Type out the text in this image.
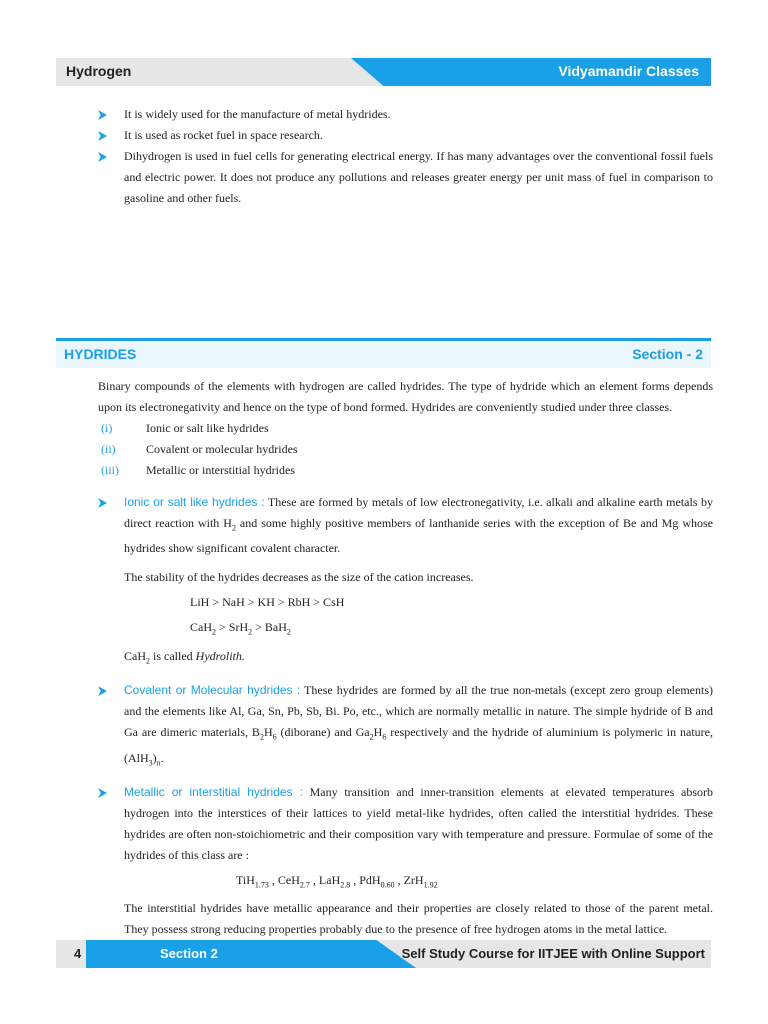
Hydrogen	Vidyamandir Classes
It is widely used for the manufacture of metal hydrides.
It is used as rocket fuel in space research.
Dihydrogen is used in fuel cells for generating electrical energy. If has many advantages over the conventional fossil fuels and electric power. It does not produce any pollutions and releases greater energy per unit mass of fuel in comparison to gasoline and other fuels.
HYDRIDES	Section - 2

Binary compounds of the elements with hydrogen are called hydrides. The type of hydride which an element forms depends upon its electronegativity and hence on the type of bond formed. Hydrides are conveniently studied under three classes.

(i)	Ionic or salt like hydrides
(ii)	Covalent or molecular hydrides
(iii) Metallic or interstitial hydrides
Ionic or salt like hydrides : These are formed by metals of low electronegativity, i.e. alkali and alkaline earth metals by direct reaction with $H_2$ and some highly positive members of lanthanide series with the exception of Be and Mg whose hydrides show significant covalent character.

The stability of the hydrides decreases as the size of the cation increases.

LiH > NaH > KH > RbH > CsH

CaH$_2$ > SrH$_2$ > BaH$_2$

CaH$_2$ is called Hydrolith.

Covalent or Molecular hydrides : These hydrides are formed by all the true non-metals (except zero group elements) and the elements like Al, Ga, Sn, Pb, Sb, Bi. Po, etc., which are normally metallic in nature. The simple hydride of B and Ga are dimeric materials, $B_2H_6$ (diborane) and $Ga_2H_6$ respectively and the hydride of aluminium is polymeric in nature, $(AlH_3)_n$.
Metallic or interstitial hydrides : Many transition and inner-transition elements at elevated temperatures absorb hydrogen into the interstices of their lattices to yield metal-like hydrides, often called the interstitial hydrides. These hydrides are often non-stoichiometric and their composition vary with temperature and pressure. Formulae of some of the hydrides of this class are :

TiH$_{1.73}$ , CeH$_{2.7}$ , LaH$_{2.8}$ , PdH$_{0.60}$ , ZrH$_{1.92}$

The interstitial hydrides have metallic appearance and their properties are closely related to those of the parent metal. They possess strong reducing properties probably due to the presence of free hydrogen atoms in the metal lattice.

4	Section 2	Self Study Course for IITJEE with Online Support
